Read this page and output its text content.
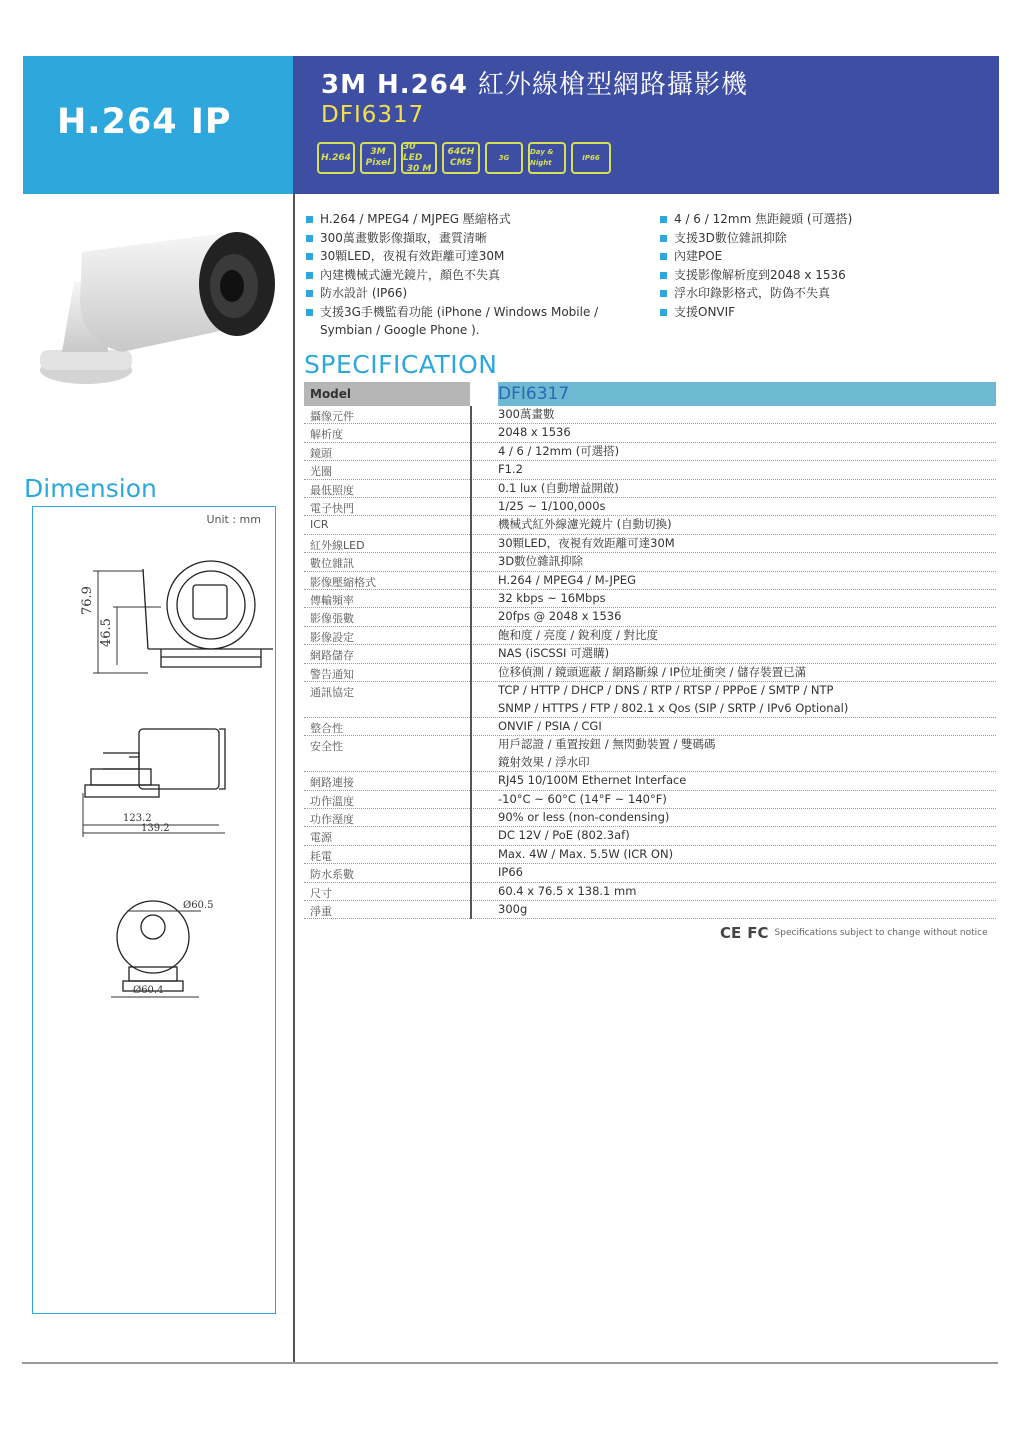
H.264 IP
3M H.264 紅外線槍型網路攝影機
DFI6317
H.264
3M
Pixel
30 LED
30 M
64CH
CMS
3G
Day & Night
IP66
Dimension
Unit : mm
76.9
46.5
123.2
139.2
Ø60.5
Ø60.4
H.264 / MPEG4 / MJPEG 壓縮格式
300萬畫數影像擷取，畫質清晰
30顆LED，夜視有效距離可達30M
內建機械式濾光鏡片，顏色不失真
防水設計 (IP66)
支援3G手機監看功能 (iPhone / Windows Mobile / Symbian / Google Phone ).
4 / 6 / 12mm 焦距鏡頭 (可選搭)
支援3D數位雜訊抑除
內建POE
支援影像解析度到2048 x 1536
浮水印錄影格式，防偽不失真
支援ONVIF
SPECIFICATION
Model	DFI6317
攝像元件	300萬畫數
解析度	2048 x 1536
鏡頭	4 / 6 / 12mm (可選搭)
光圈	F1.2
最低照度	0.1 lux (自動增益開啟)
電子快門	1/25 ~ 1/100,000s
ICR	機械式紅外線濾光鏡片 (自動切換)
紅外線LED	30顆LED，夜視有效距離可達30M
數位雜訊	3D數位雜訊抑除
影像壓縮格式	H.264 / MPEG4 / M-JPEG
傳輸頻率	32 kbps ~ 16Mbps
影像張數	20fps @ 2048 x 1536
影像設定	飽和度 / 亮度 / 銳利度 / 對比度
網路儲存	NAS (iSCSSI 可選購)
警告通知	位移偵測 / 鏡頭遮蔽 / 網路斷線 / IP位址衝突 / 儲存裝置已滿
通訊協定	TCP / HTTP / DHCP / DNS / RTP / RTSP / PPPoE / SMTP / NTP
SNMP / HTTPS / FTP / 802.1 x Qos (SIP / SRTP / IPv6 Optional)
整合性	ONVIF / PSIA / CGI
安全性	用戶認證 / 重置按鈕 / 無閃動裝置 / 雙碼碼
鏡射效果 / 浮水印
網路連接	RJ45 10/100M Ethernet Interface
功作溫度	-10°C ~ 60°C (14°F ~ 140°F)
功作溼度	90% or less (non-condensing)
電源	DC 12V / PoE (802.3af)
耗電	Max. 4W / Max. 5.5W (ICR ON)
防水系數	IP66
尺寸	60.4 x 76.5 x 138.1 mm
淨重	300g
CE FC Specifications subject to change without notice
